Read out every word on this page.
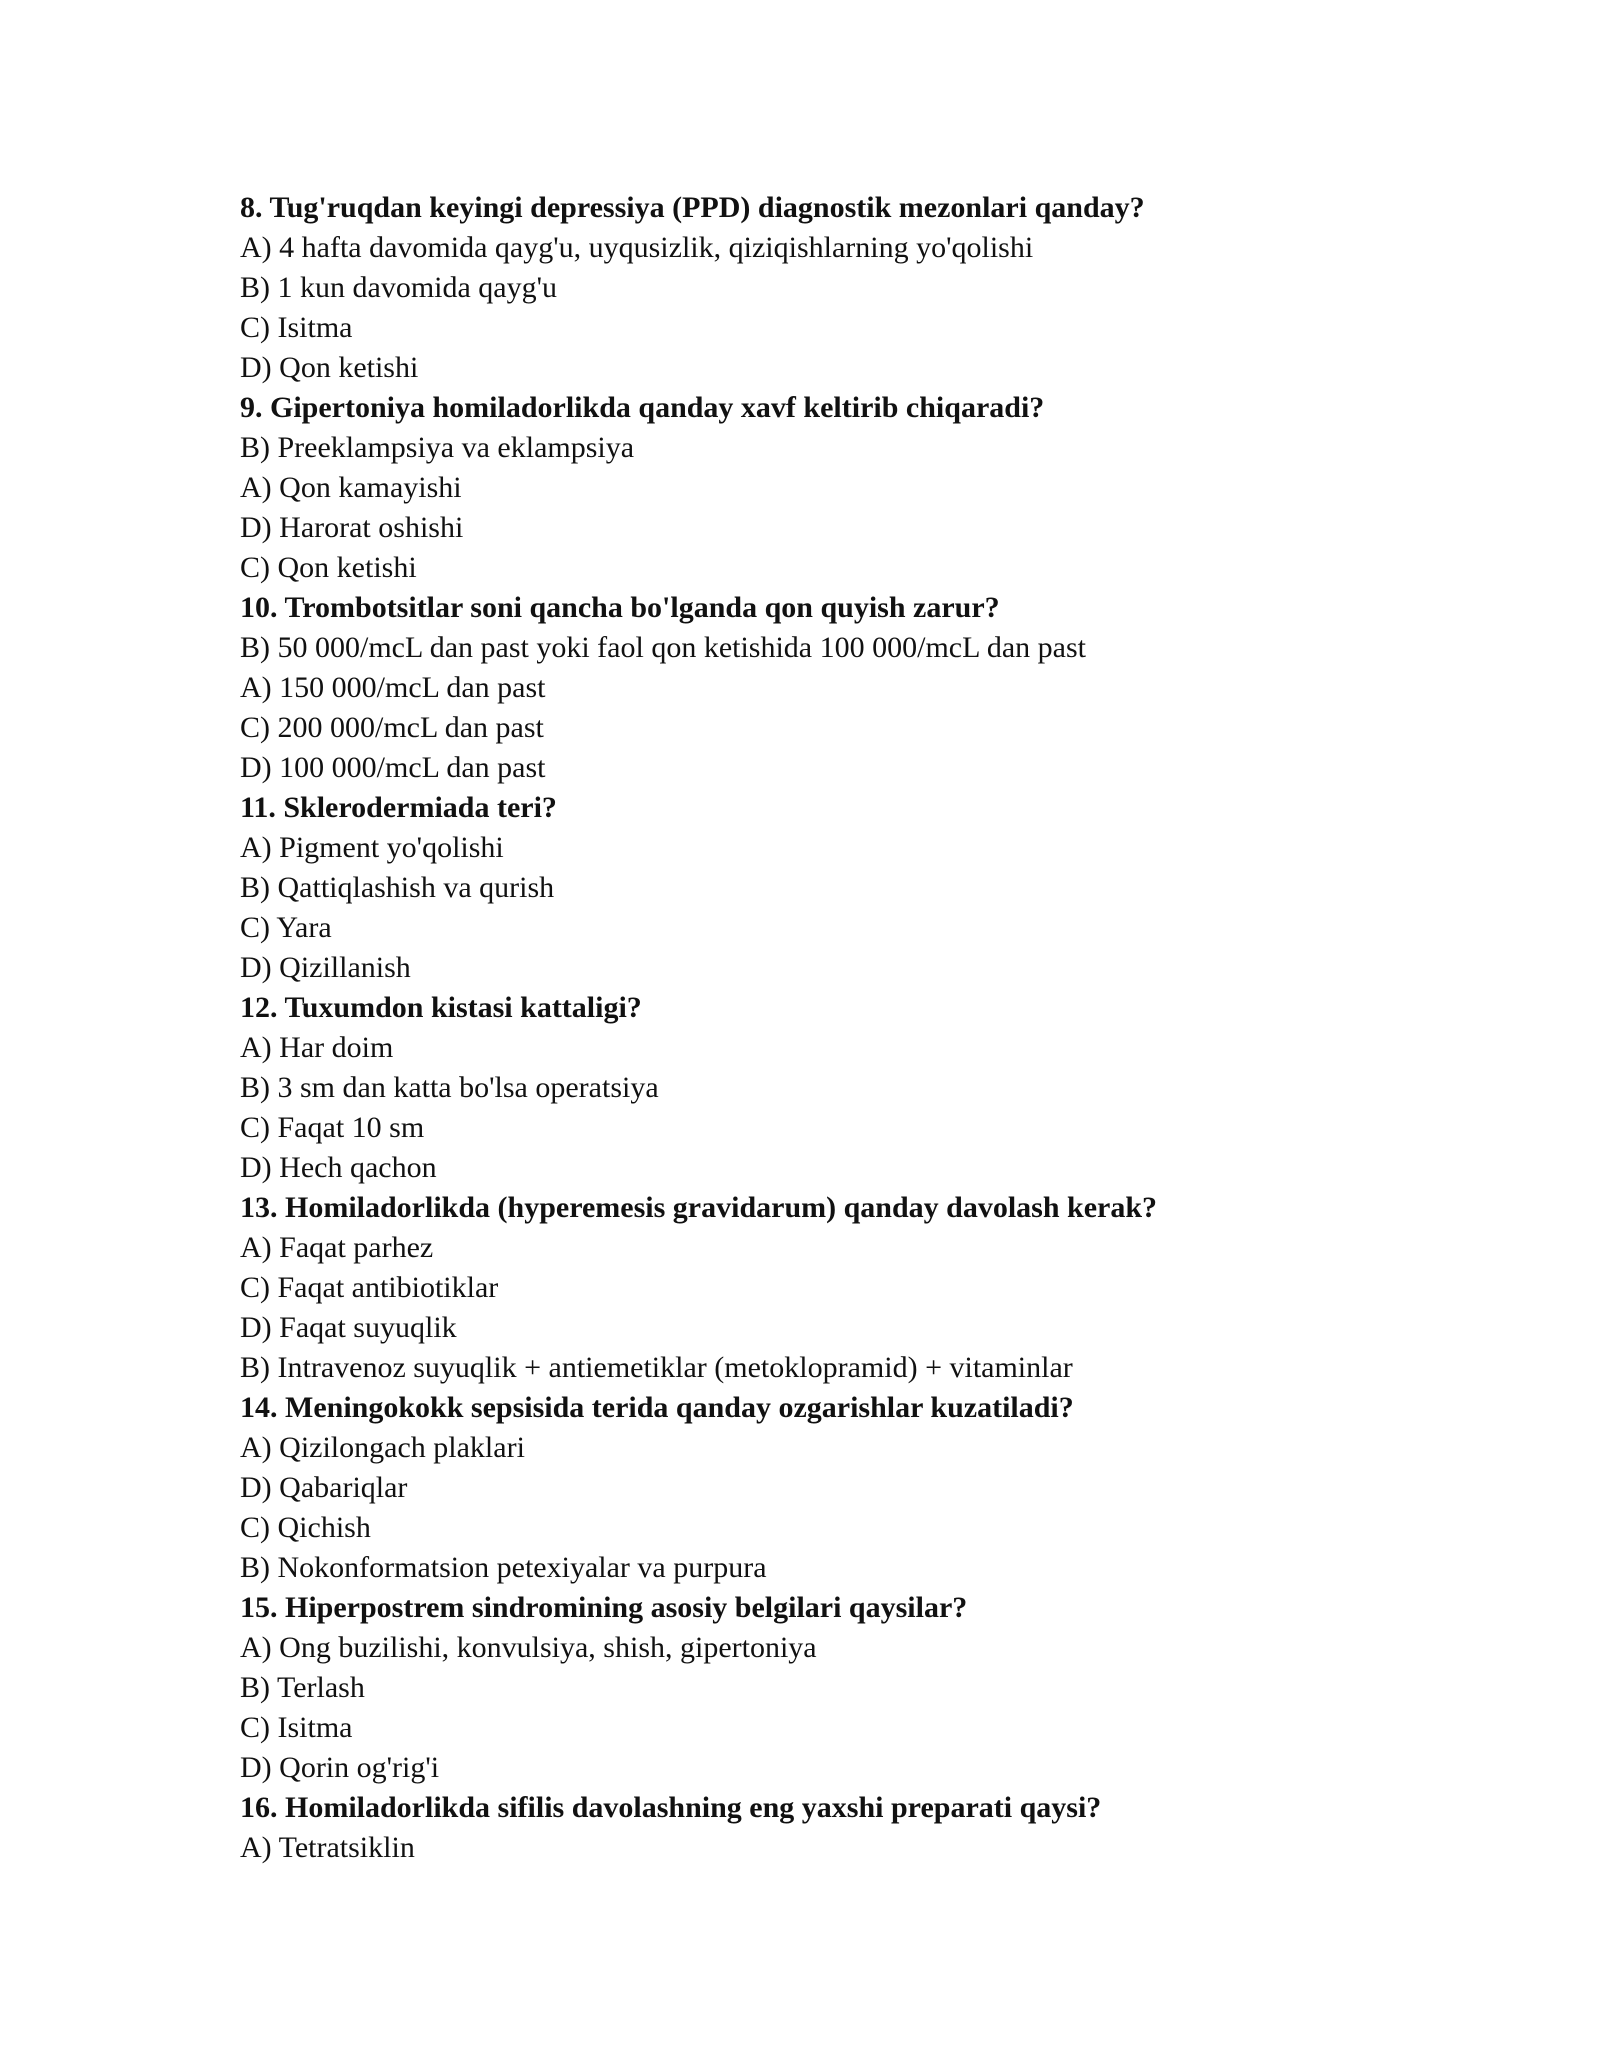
8. Tug'ruqdan keyingi depressiya (PPD) diagnostik mezonlari qanday?
A) 4 hafta davomida qayg'u, uyqusizlik, qiziqishlarning yo'qolishi
B) 1 kun davomida qayg'u
C) Isitma
D) Qon ketishi
9. Gipertoniya homiladorlikda qanday xavf keltirib chiqaradi?
B) Preeklampsiya va eklampsiya
A) Qon kamayishi
D) Harorat oshishi
C) Qon ketishi
10. Trombotsitlar soni qancha bo'lganda qon quyish zarur?
B) 50 000/mcL dan past yoki faol qon ketishida 100 000/mcL dan past
A) 150 000/mcL dan past
C) 200 000/mcL dan past
D) 100 000/mcL dan past
11. Sklerodermiada teri?
A) Pigment yo'qolishi
B) Qattiqlashish va qurish
C) Yara
D) Qizillanish
12. Tuxumdon kistasi kattaligi?
A) Har doim
B) 3 sm dan katta bo'lsa operatsiya
C) Faqat 10 sm
D) Hech qachon
13. Homiladorlikda (hyperemesis gravidarum) qanday davolash kerak?
A) Faqat parhez
C) Faqat antibiotiklar
D) Faqat suyuqlik
B) Intravenoz suyuqlik + antiemetiklar (metoklopramid) + vitaminlar
14. Meningokokk sepsisida terida qanday ozgarishlar kuzatiladi?
A) Qizilongach plaklari
D) Qabariqlar
C) Qichish
B) Nokonformatsion petexiyalar va purpura
15. Hiperpostrem sindromining asosiy belgilari qaysilar?
A) Ong buzilishi, konvulsiya, shish, gipertoniya
B) Terlash
C) Isitma
D) Qorin og'rig'i
16. Homiladorlikda sifilis davolashning eng yaxshi preparati qaysi?
A) Tetratsiklin
